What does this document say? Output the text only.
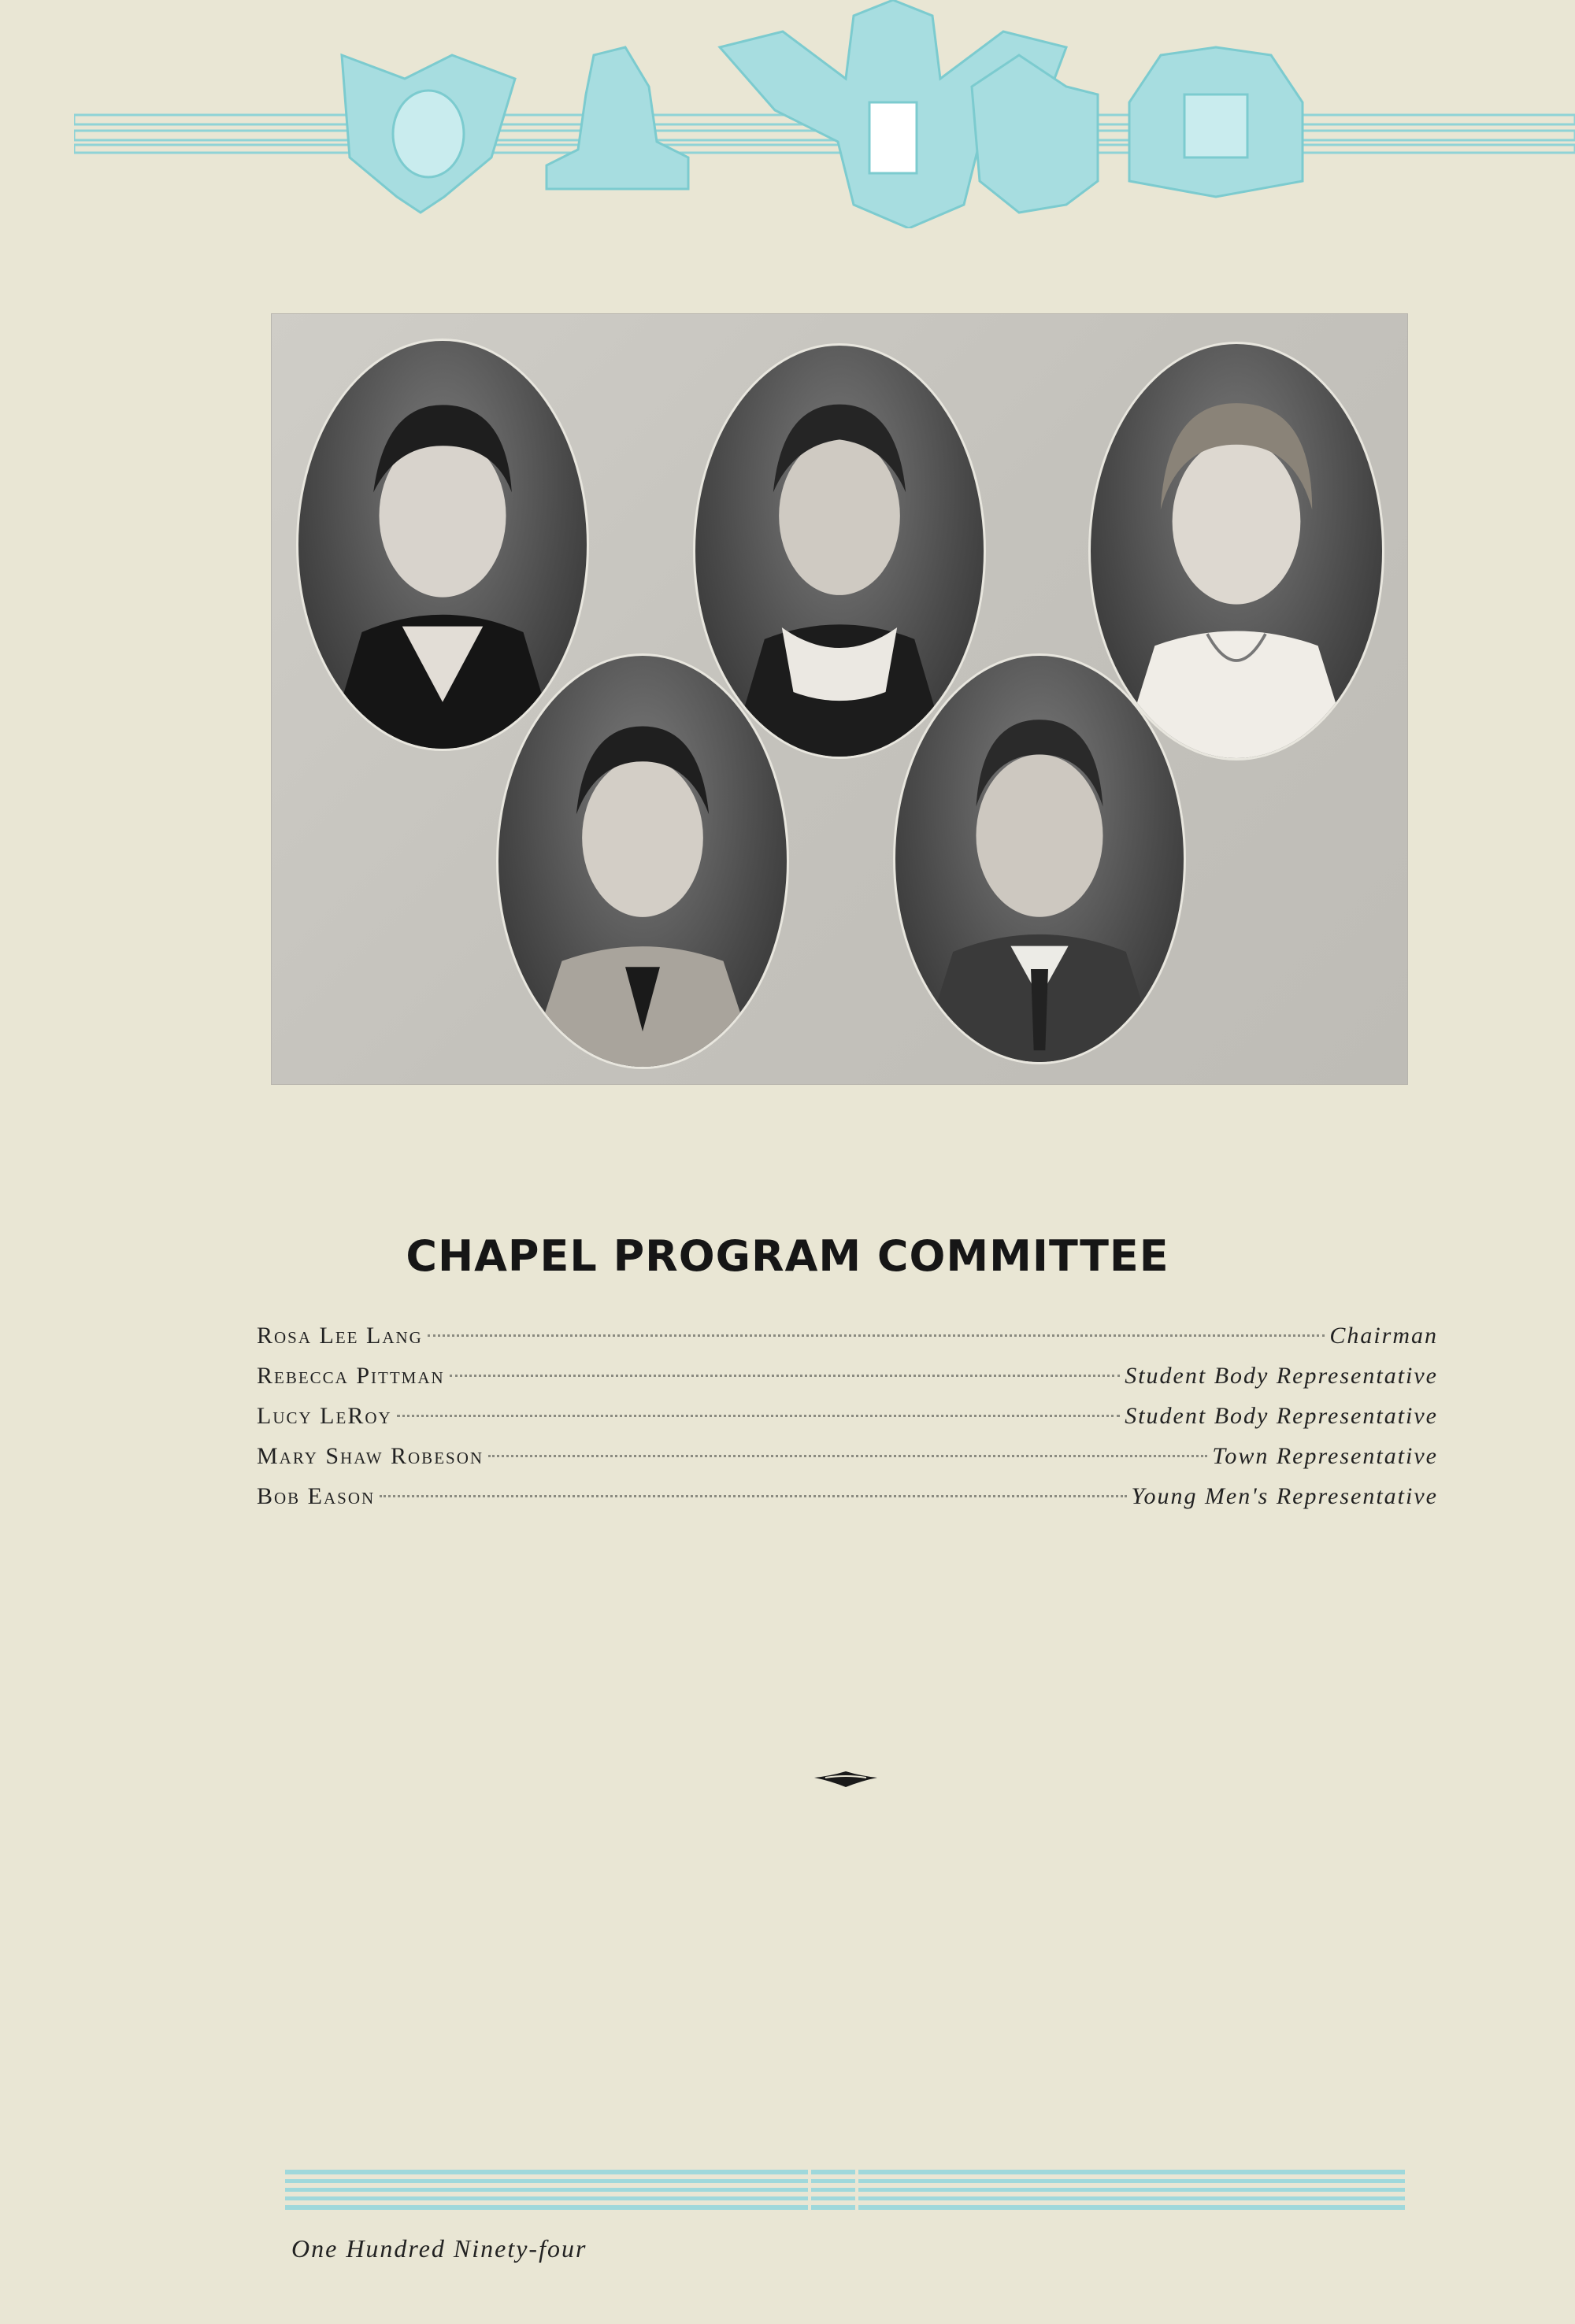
CHAPEL PROGRAM COMMITTEE
Rosa Lee Lang	Chairman
Rebecca Pittman	Student Body Representative
Lucy LeRoy	Student Body Representative
Mary Shaw Robeson	Town Representative
Bob Eason	Young Men's Representative
One Hundred Ninety-four
